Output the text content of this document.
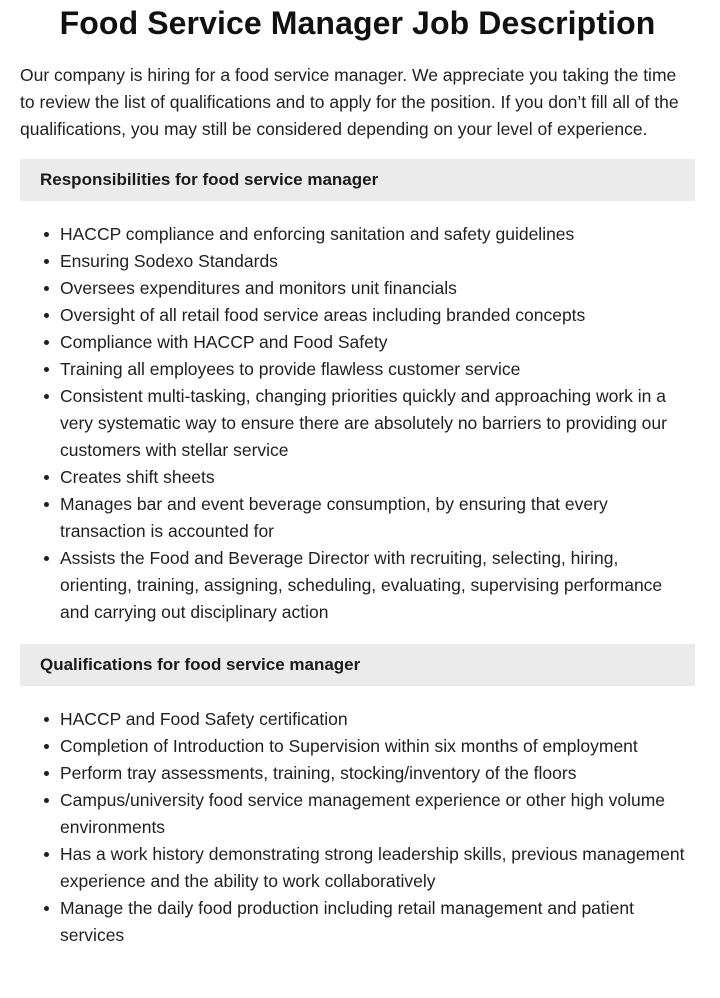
Food Service Manager Job Description

Our company is hiring for a food service manager. We appreciate you taking the time to review the list of qualifications and to apply for the position. If you don’t fill all of the qualifications, you may still be considered depending on your level of experience.

Responsibilities for food service manager
HACCP compliance and enforcing sanitation and safety guidelines
Ensuring Sodexo Standards
Oversees expenditures and monitors unit financials
Oversight of all retail food service areas including branded concepts
Compliance with HACCP and Food Safety
Training all employees to provide flawless customer service
Consistent multi-tasking, changing priorities quickly and approaching work in a very systematic way to ensure there are absolutely no barriers to providing our customers with stellar service
Creates shift sheets
Manages bar and event beverage consumption, by ensuring that every transaction is accounted for
Assists the Food and Beverage Director with recruiting, selecting, hiring, orienting, training, assigning, scheduling, evaluating, supervising performance and carrying out disciplinary action
Qualifications for food service manager
HACCP and Food Safety certification
Completion of Introduction to Supervision within six months of employment
Perform tray assessments, training, stocking/inventory of the floors
Campus/university food service management experience or other high volume environments
Has a work history demonstrating strong leadership skills, previous management experience and the ability to work collaboratively
Manage the daily food production including retail management and patient services
